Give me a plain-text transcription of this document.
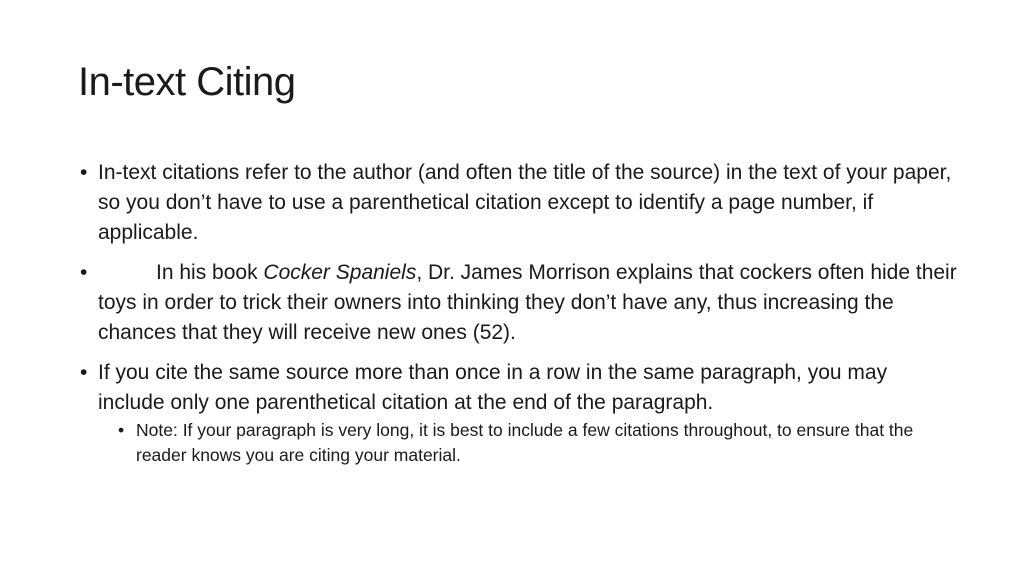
In-text Citing
• In-text citations refer to the author (and often the title of the source) in the text of your paper, so you don’t have to use a parenthetical citation except to identify a page number, if applicable.
• In his book Cocker Spaniels, Dr. James Morrison explains that cockers often hide their toys in order to trick their owners into thinking they don’t have any, thus increasing the chances that they will receive new ones (52).
• If you cite the same source more than once in a row in the same paragraph, you may include only one parenthetical citation at the end of the paragraph.
• Note: If your paragraph is very long, it is best to include a few citations throughout, to ensure that the reader knows you are citing your material.
